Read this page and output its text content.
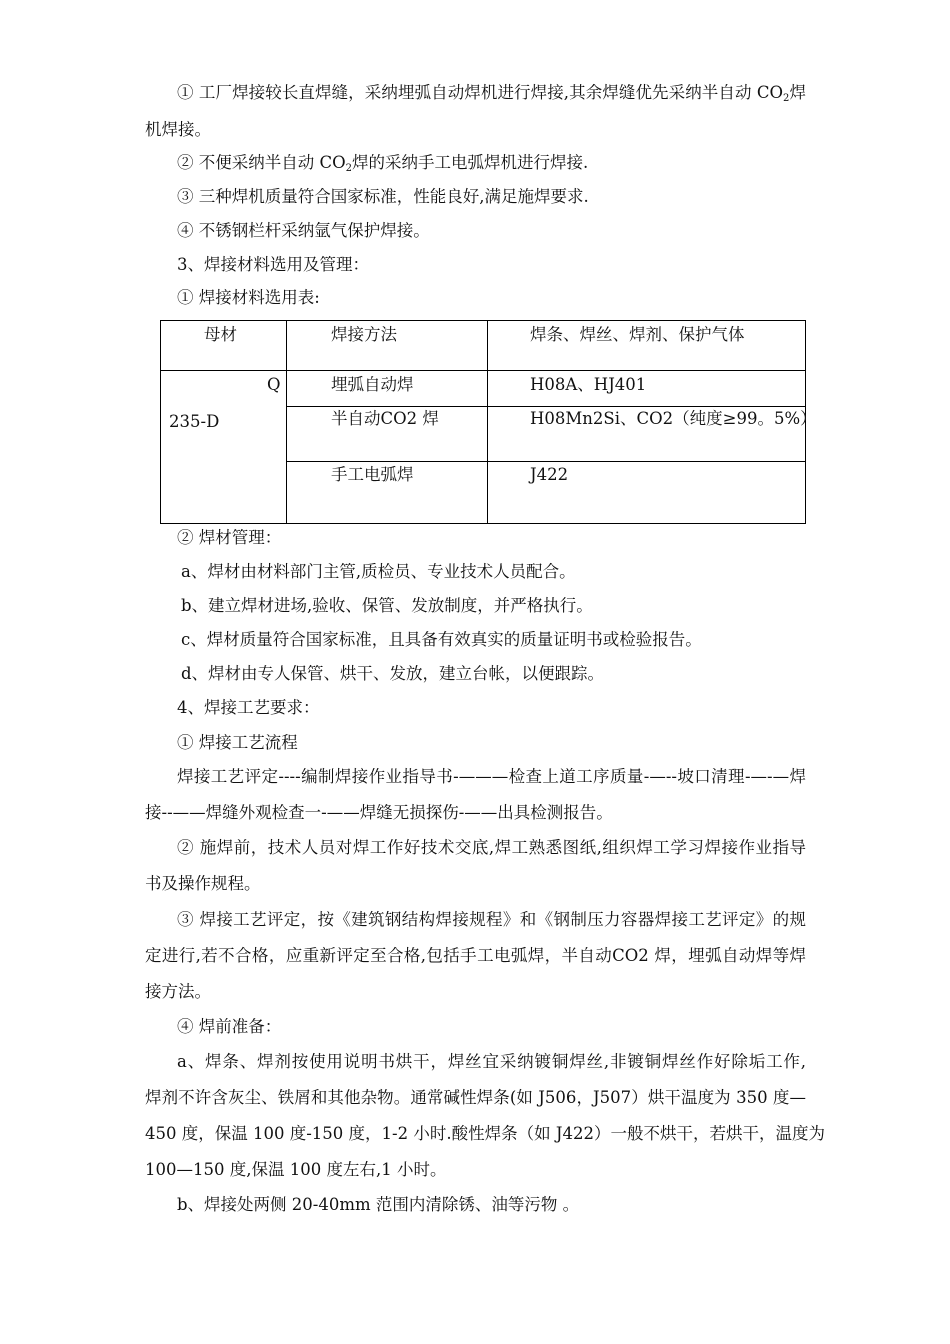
① 工厂焊接较长直焊缝，采纳埋弧自动焊机进行焊接,其余焊缝优先采纳半自动 $CO_2$焊
机焊接。
② 不便采纳半自动 $CO_2$焊的采纳手工电弧焊机进行焊接.
③ 三种焊机质量符合国家标准，性能良好,满足施焊要求.
④ 不锈钢栏杆采纳氩气保护焊接。
3、焊接材料选用及管理：
① 焊接材料选用表:
母材	焊接方法	焊条、焊丝、焊剂、保护气体
Q
235-D
埋弧自动焊	H08A、HJ401
半自动CO2 焊	H08Mn2Si、CO2（纯度≥99。5%）
手工电弧焊	J422
② 焊材管理：
a、焊材由材料部门主管,质检员、专业技术人员配合。
b、建立焊材进场,验收、保管、发放制度，并严格执行。
c、焊材质量符合国家标准，且具备有效真实的质量证明书或检验报告。
d、焊材由专人保管、烘干、发放，建立台帐，以便跟踪。
4、焊接工艺要求：
① 焊接工艺流程
焊接工艺评定----编制焊接作业指导书-———检查上道工序质量-—--坡口清理-—-—焊
接--——焊缝外观检查一-——焊缝无损探伤-——出具检测报告。
② 施焊前，技术人员对焊工作好技术交底,焊工熟悉图纸,组织焊工学习焊接作业指导
书及操作规程。
③ 焊接工艺评定，按《建筑钢结构焊接规程》和《钢制压力容器焊接工艺评定》的规
定进行,若不合格，应重新评定至合格,包括手工电弧焊，半自动CO2 焊，埋弧自动焊等焊
接方法。
④ 焊前准备：
a、焊条、焊剂按使用说明书烘干，焊丝宜采纳镀铜焊丝,非镀铜焊丝作好除垢工作,
焊剂不许含灰尘、铁屑和其他杂物。通常碱性焊条(如 J506，J507）烘干温度为 350 度—
450 度，保温 100 度-150 度，1-2 小时.酸性焊条（如 J422）一般不烘干，若烘干，温度为
100—150 度,保温 100 度左右,1 小时。
b、焊接处两侧 20-40mm 范围内清除锈、油等污物 。
